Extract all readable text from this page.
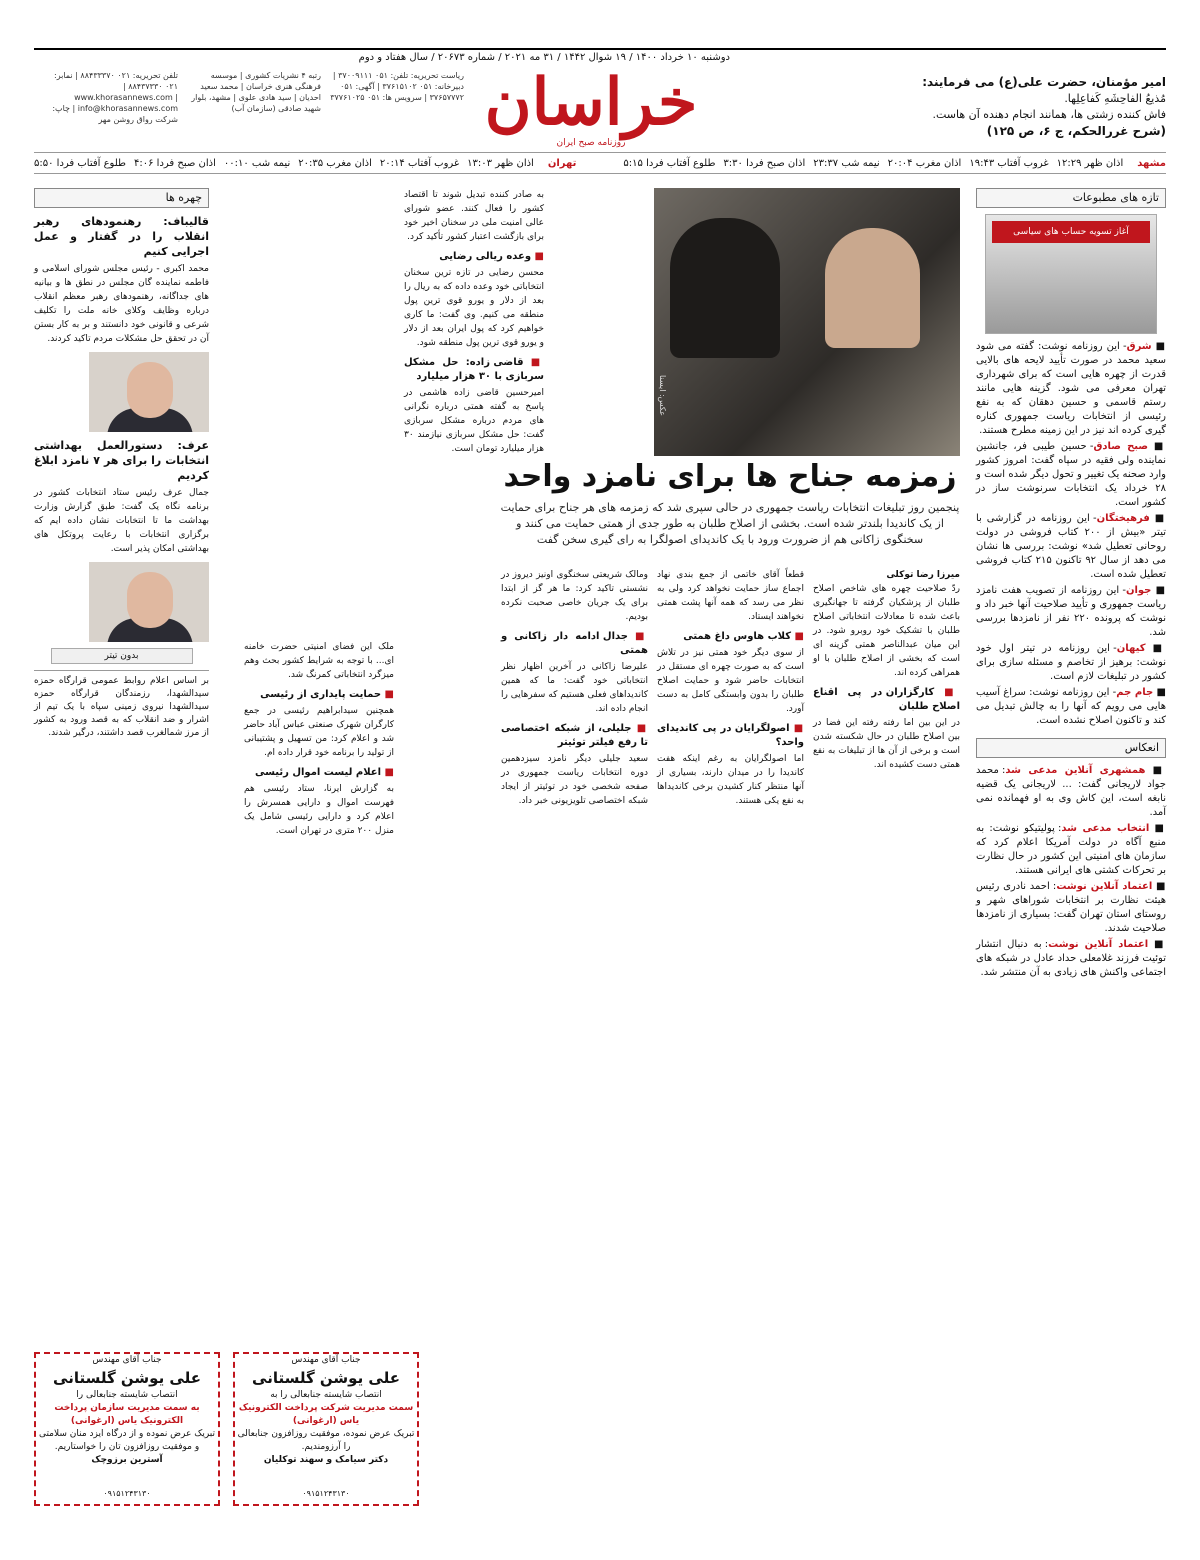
دوشنبه ۱۰ خرداد ۱۴۰۰ / ۱۹ شوال ۱۴۴۲ / ۳۱ مه ۲۰۲۱ / شماره ۲۰۶۷۳ / سال هفتاد و دوم
امیر مؤمنان، حضرت علی(ع) می فرمایند:
مُذیعُ الفاحِشَهِ کَفاعِلِها.
فاش کننده زشتی ها، همانند انجام دهنده آن هاست.
(شرح غررالحکم، ج ۶، ص ۱۲۵)
خراسان
روزنامه صبح ایران
ریاست تحریریه: تلفن: ۰۵۱ ۳۷۰۰۹۱۱۱ | دبیرخانه: ۰۵۱ ۳۷۶۱۵۱۰۲ | آگهی: ۰۵۱ ۳۷۶۵۷۷۷۲ | سرویس ها: ۰۵۱ ۳۷۷۶۱۰۲۵
رتبه ۴ نشریات کشوری | موسسه فرهنگی هنری خراسان | محمد سعید احدیان | سید هادی علوی | مشهد، بلوار شهید صادقی (سازمان آب)
تلفن تحریریه: ۰۲۱ ۸۸۴۳۳۳۷۰ | نمابر: ۰۲۱ ۸۸۴۳۷۳۳۰ | www.khorasannews.com | info@khorasannews.com | چاپ: شرکت رواق روشن مهر
مشهد
اذان ظهر ۱۲:۲۹
غروب آفتاب ۱۹:۴۳
اذان مغرب ۲۰:۰۴
نیمه شب ۲۳:۳۷
اذان صبح فردا ۳:۳۰
طلوع آفتاب فردا ۵:۱۵
تهران
اذان ظهر ۱۳:۰۳
غروب آفتاب ۲۰:۱۴
اذان مغرب ۲۰:۳۵
نیمه شب ۰۰:۱۰
اذان صبح فردا ۴:۰۶
طلوع آفتاب فردا ۵:۵۰
تازه های مطبوعات
آغاز تسویه حساب های سیاسی
■ شرق- این روزنامه نوشت: گفته می شود سعید محمد در صورت تأیید لایحه های بالایی قدرت از چهره هایی است که برای شهرداری تهران معرفی می شود. گزینه هایی مانند رستم قاسمی و حسین دهقان که به نفع رئیسی از انتخابات ریاست جمهوری کناره گیری کرده اند نیز در این زمینه مطرح هستند.
■ صبح صادق- حسین طیبی فر، جانشین نماینده ولی فقیه در سپاه گفت: امروز کشور وارد صحنه یک تغییر و تحول دیگر شده است و ۲۸ خرداد یک انتخابات سرنوشت ساز در کشور است.
■ فرهیختگان- این روزنامه در گزارشی با تیتر «بیش از ۲۰۰ کتاب فروشی در دولت روحانی تعطیل شد» نوشت: بررسی ها نشان می دهد از سال ۹۲ تاکنون ۲۱۵ کتاب فروشی تعطیل شده است.
■ جوان- این روزنامه از تصویب هفت نامزد ریاست جمهوری و تأیید صلاحیت آنها خبر داد و نوشت که پرونده ۲۲۰ نفر از نامزدها بررسی شد.
■ کیهان- این روزنامه در تیتر اول خود نوشت: برهیز از تخاصم و مسئله سازی برای کشور در تبلیغات لازم است.
■ جام جم- این روزنامه نوشت: سراغ آسیب هایی می رویم که آنها را به چالش تبدیل می کند و تاکنون اصلاح نشده است.
انعکاس
■ همشهری آنلاین مدعی شد: محمد جواد لاریجانی گفت: ... لاریجانی یک قضیه نابغه است، این کاش وی به او فهمانده نمی آمد.
■ انتخاب مدعی شد: پولیتیکو نوشت: به منبع آگاه در دولت آمریکا اعلام کرد که سازمان های امنیتی این کشور در حال نظارت بر تحرکات کشتی های ایرانی هستند.
■ اعتماد آنلاین نوشت: احمد نادری رئیس هیئت نظارت بر انتخابات شوراهای شهر و روستای استان تهران گفت: بسیاری از نامزدها صلاحیت شدند.
■ اعتماد آنلاین نوشت: به دنبال انتشار توئیت فرزند غلامعلی حداد عادل در شبکه های اجتماعی واکنش های زیادی به آن منتشر شد.
عکس: ایسنا
به صادر کننده تبدیل شوند تا اقتصاد کشور را فعال کنند. عضو شورای عالی امنیت ملی در سخنان اخیر خود برای بازگشت اعتبار کشور تأکید کرد.
■ وعده ریالی رضایی
محسن رضایی در تازه ترین سخنان انتخاباتی خود وعده داده که به ریال را بعد از دلار و یورو قوی ترین پول منطقه می کنیم. وی گفت: ما کاری خواهیم کرد که پول ایران بعد از دلار و یورو قوی ترین پول منطقه شود.
■ قاضی زاده: حل مشکل سربازی با ۳۰ هزار میلیارد
امیرحسین قاضی زاده هاشمی در پاسخ به گفته همتی درباره نگرانی های مردم درباره مشکل سربازی گفت: حل مشکل سربازی نیازمند ۳۰ هزار میلیارد تومان است.
زمزمه جناح ها برای نامزد واحد
پنجمین روز تبلیغات انتخابات ریاست جمهوری در حالی سپری شد که زمزمه های هر جناح برای حمایت از یک کاندیدا بلندتر شده است. بخشی از اصلاح طلبان به طور جدی از همتی حمایت می کنند و سخنگوی زاکانی هم از ضرورت ورود با یک کاندیدای اصولگرا به رای گیری سخن گفت
میرزا رضا توکلی
ردّ صلاحیت چهره های شاخص اصلاح طلبان از پزشکیان گرفته تا جهانگیری باعث شده تا معادلات انتخاباتی اصلاح طلبان با تشکیک خود روبرو شود. در این میان عبدالناصر همتی گزینه ای است که بخشی از اصلاح طلبان با او همراهی کرده اند.
■ کارگزاران در پی اقناع اصلاح طلبان
در این بین اما رفته رفته این فضا در بین اصلاح طلبان در حال شکسته شدن است و برخی از آن ها از تبلیغات به نفع همتی دست کشیده اند.
قطعاً آقای خاتمی از جمع بندی نهاد اجماع ساز حمایت نخواهد کرد ولی به نظر می رسد که همه آنها پشت همتی نخواهند ایستاد.
■ کلاب هاوس داغ همتی
از سوی دیگر خود همتی نیز در تلاش است که به صورت چهره ای مستقل در انتخابات حاضر شود و حمایت اصلاح طلبان را بدون وابستگی کامل به دست آورد.
■ اصولگرایان در پی کاندیدای واحد؟
اما اصولگرایان به رغم اینکه هفت کاندیدا را در میدان دارند، بسیاری از آنها منتظر کنار کشیدن برخی کاندیداها به نفع یکی هستند.
ومالک شریعتی سخنگوی اونیز دیروز در نشستی تاکید کرد: ما هر گز از ابتدا برای یک جریان خاصی صحبت نکرده بودیم.
■ جدال ادامه دار زاکانی و همتی
علیرضا زاکانی در آخرین اظهار نظر انتخاباتی خود گفت: ما که همین کاندیداهای فعلی هستیم که سفرهایی را انجام داده اند.
■ جلیلی، از شبکه اختصاصی تا رفع فیلتر توئیتر
سعید جلیلی دیگر نامزد سیزدهمین دوره انتخابات ریاست جمهوری در صفحه شخصی خود در توئیتر از ایجاد شبکه اختصاصی تلویزیونی خبر داد.
ملک این فضای امنیتی حضرت خامنه ای... با توجه به شرایط کشور بحث وهم میزگرد انتخاباتی کمرنگ شد.
■ حمایت پایداری از رئیسی
همچنین سیدابراهیم رئیسی در جمع کارگران شهرک صنعتی عباس آباد حاضر شد و اعلام کرد: من تسهیل و پشتیبانی از تولید را برنامه خود قرار داده ام.
■ اعلام لیست اموال رئیسی
به گزارش ایرنا، ستاد رئیسی هم فهرست اموال و دارایی همسرش را اعلام کرد و دارایی رئیسی شامل یک منزل ۲۰۰ متری در تهران است.
چهره ها
قالیباف: رهنمودهای رهبر انقلاب را در گفتار و عمل اجرایی کنیم
محمد اکبری - رئیس مجلس شورای اسلامی و فاطمه نماینده گان مجلس در نطق ها و بیانیه های جداگانه، رهنمودهای رهبر معظم انقلاب درباره وظایف وکلای خانه ملت را تکلیف شرعی و قانونی خود دانستند و بر به کار بستن آن در تحقق حل مشکلات مردم تاکید کردند.
عرف: دستورالعمل بهداشتی انتخابات را برای هر ۷ نامزد ابلاغ کردیم
جمال عرف رئیس ستاد انتخابات کشور در برنامه نگاه یک گفت: طبق گزارش وزارت بهداشت ما تا انتخابات نشان داده ایم که برگزاری انتخابات با رعایت پروتکل های بهداشتی امکان پذیر است.
بدون تیتر
بر اساس اعلام روابط عمومی قرارگاه حمزه سیدالشهدا، رزمندگان قرارگاه حمزه سیدالشهدا نیروی زمینی سپاه با یک تیم از اشرار و ضد انقلاب که به قصد ورود به کشور از مرز شمالغرب قصد داشتند، درگیر شدند.
جناب آقای مهندس
علی یوشن گلستانی
انتصاب شایسته جنابعالی را به
سمت مدیریت شرکت پرداخت الکترونیک یاس (ارغوانی)
تبریک عرض نموده، موفقیت روزافزون جنابعالی را آرزومندیم.
دکتر سیامک و سهند توکلیان
۰۹۱۵۱۲۴۳۱۳۰
جناب آقای مهندس
علی یوشن گلستانی
انتصاب شایسته جنابعالی را
به سمت مدیریت سازمان پرداخت الکترونیک یاس (ارغوانی)
تبریک عرض نموده و از درگاه ایزد منان سلامتی و موفقیت روزافزون تان را خواستاریم.
آسترین برزوچک
۰۹۱۵۱۲۴۳۱۳۰
